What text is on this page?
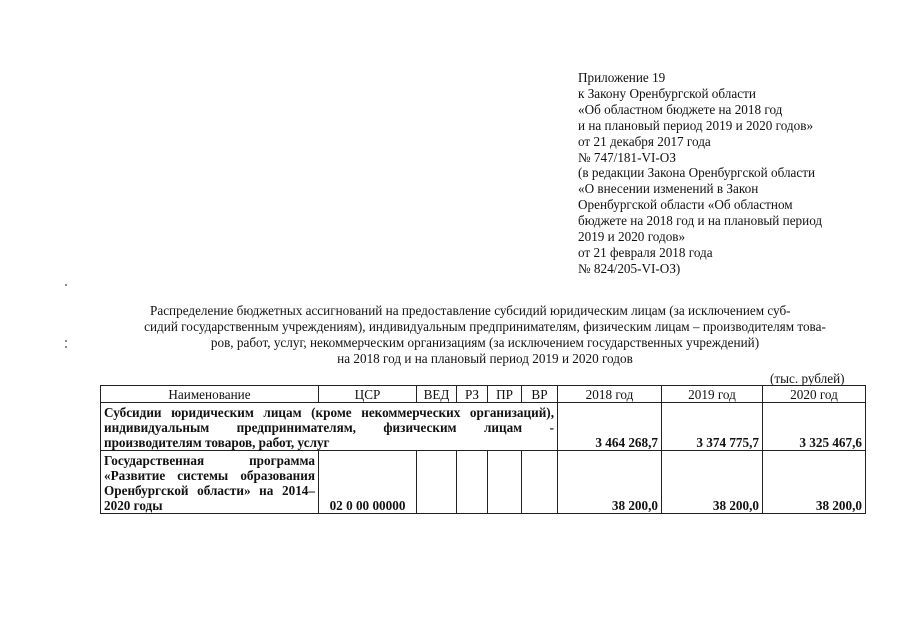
Приложение 19
к Закону Оренбургской области
«Об областном бюджете на 2018 год
и на плановый период 2019 и 2020 годов»
от 21 декабря 2017 года
№ 747/181-VI-ОЗ
(в редакции Закона Оренбургской области
«О внесении изменений в Закон
Оренбургской области «Об областном
бюджете на 2018 год и на плановый период
2019 и 2020 годов»
от 21 февраля 2018 года
№ 824/205-VI-ОЗ)
Распределение бюджетных ассигнований на предоставление субсидий юридическим лицам (за исключением суб-
сидий государственным учреждениям), индивидуальным предпринимателям, физическим лицам – производителям това-
ров, работ, услуг, некоммерческим организациям (за исключением государственных учреждений)
на 2018 год и на плановый период 2019 и 2020 годов
(тыс. рублей)
Наименование	ЦСР	ВЕД	РЗ	ПР	ВР	2018 год	2019 год	2020 год
Субсидии юридическим лицам (кроме некоммерческих организаций), индивидуальным предпринимателям, физическим лицам - производителям товаров, работ, услуг						3 464 268,7	3 374 775,7	3 325 467,6
Государственная программа «Развитие системы образования Оренбургской области» на 2014–2020 годы	02 0 00 00000					38 200,0	38 200,0	38 200,0
